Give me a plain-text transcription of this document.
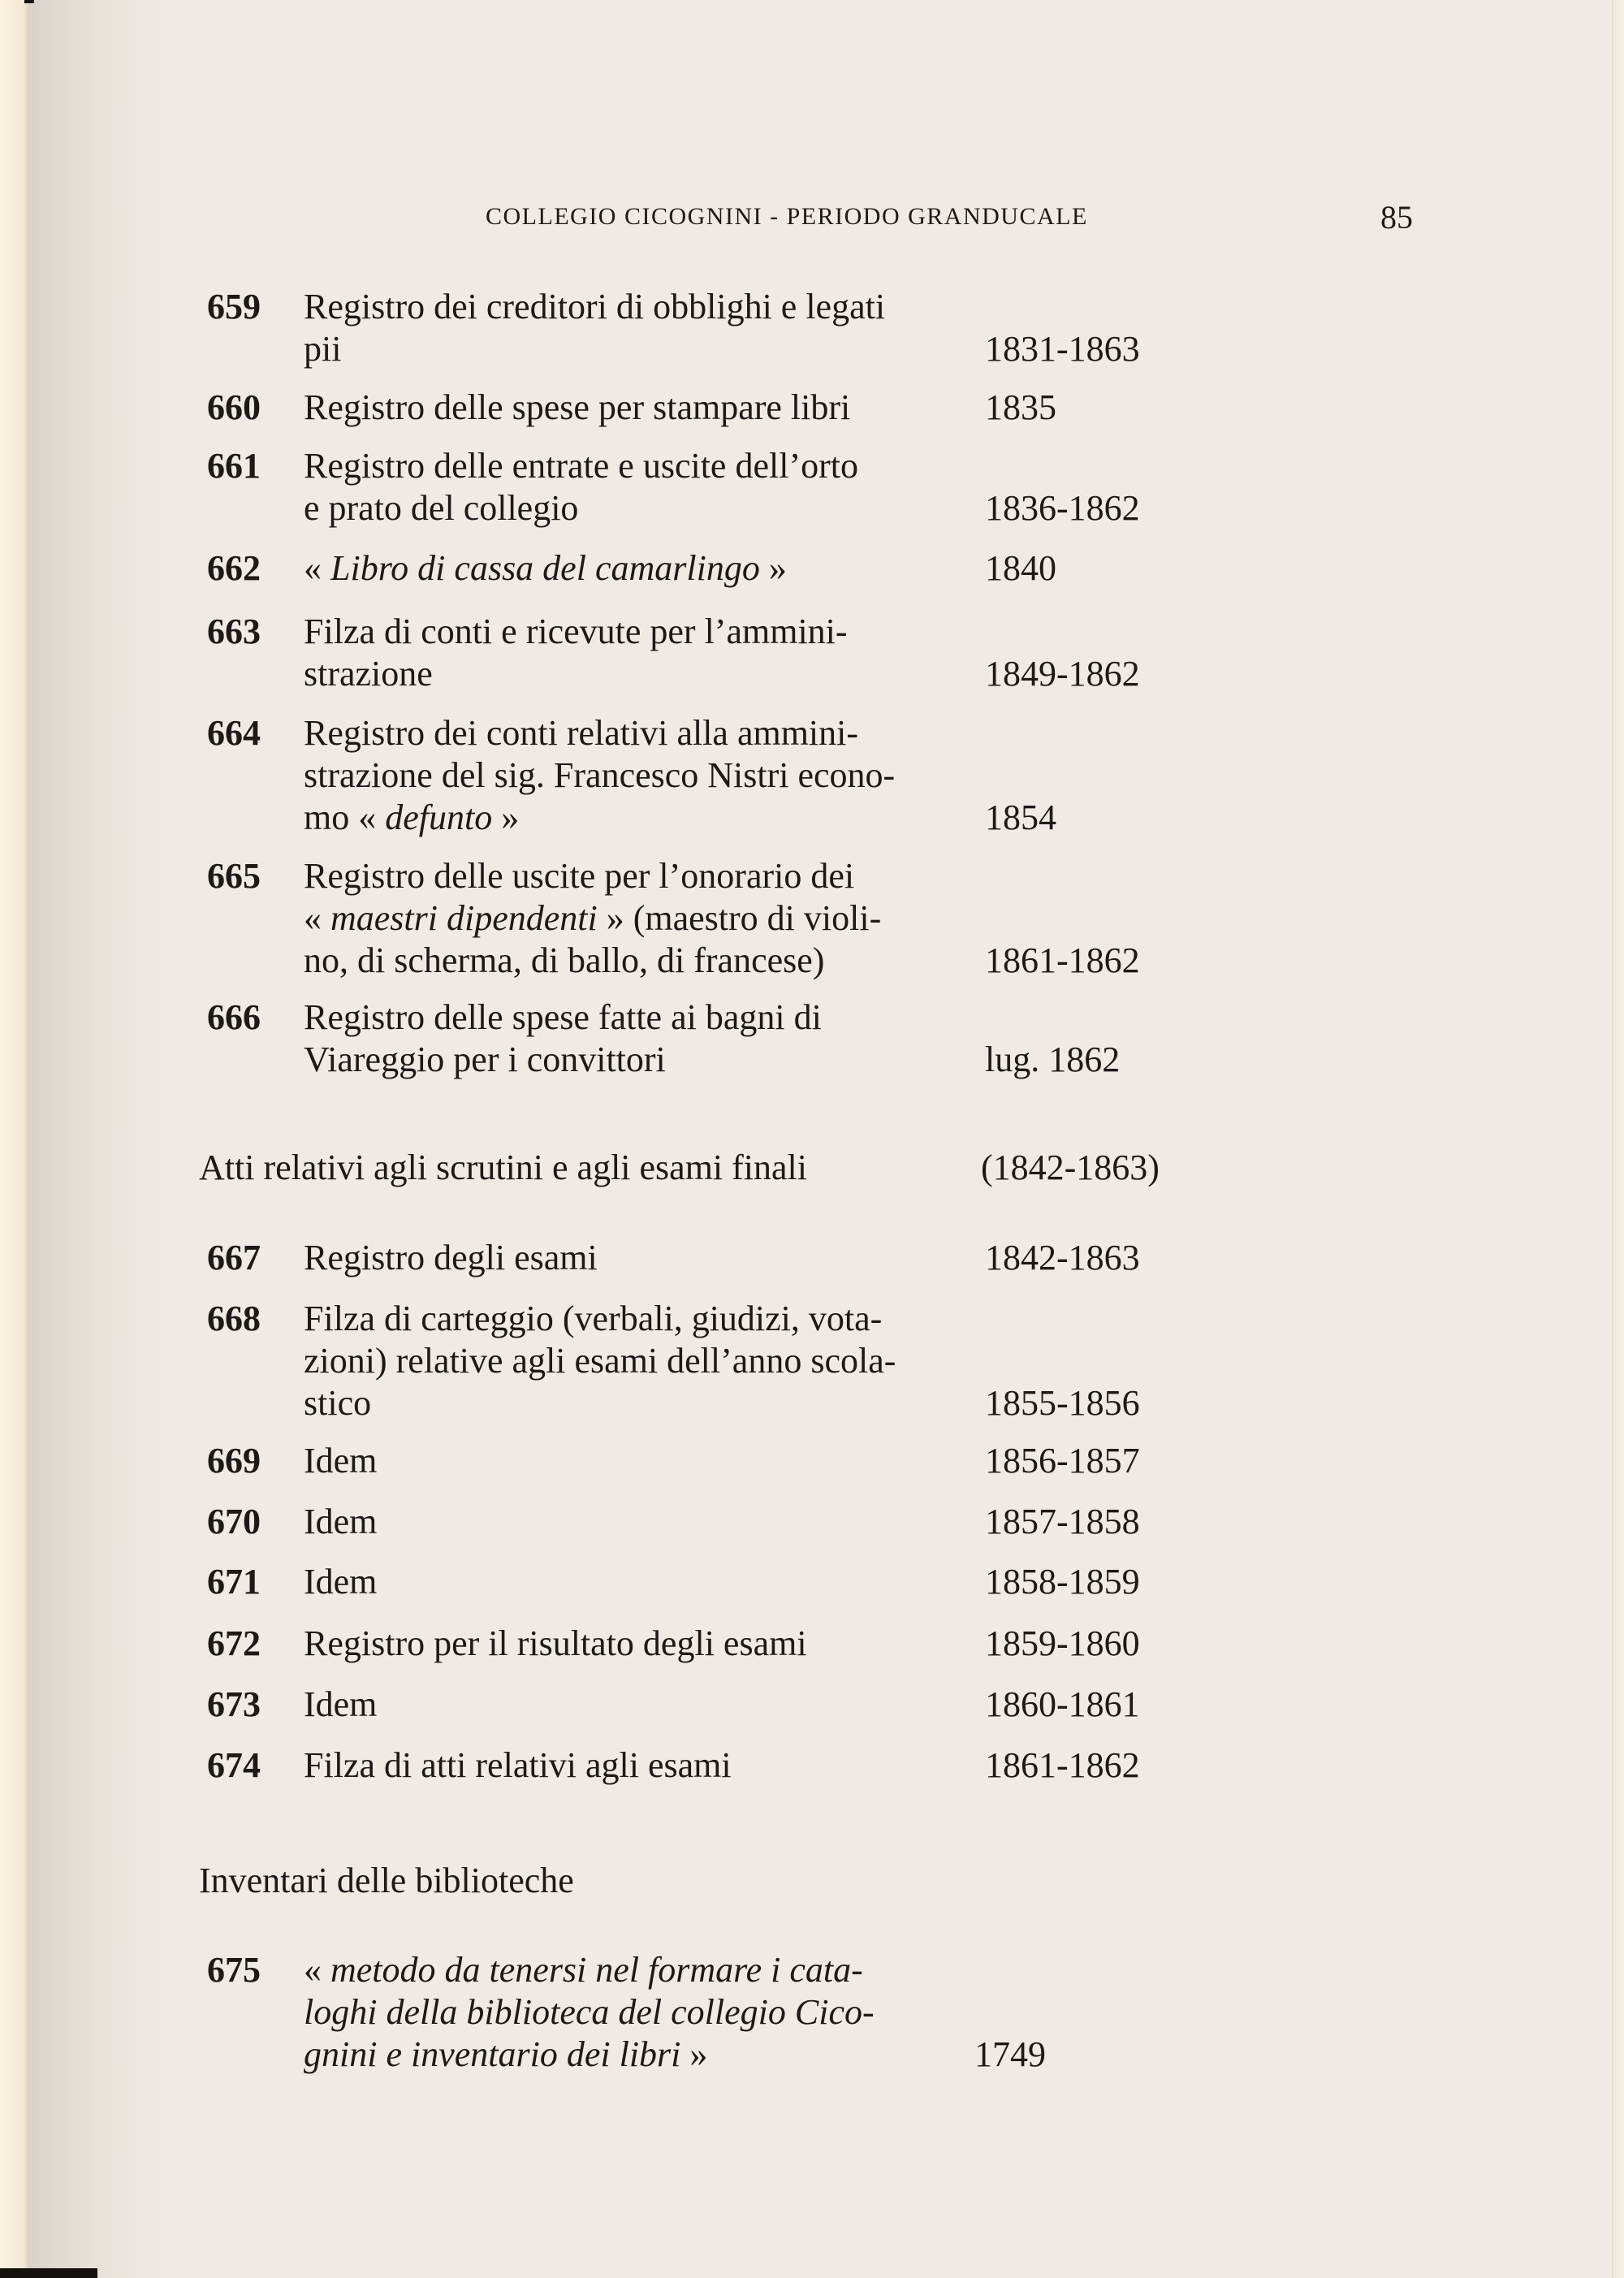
COLLEGIO CICOGNINI - PERIODO GRANDUCALE	85
659 Registro dei creditori di obblighi e legati
pii	1831-1863
660 Registro delle spese per stampare libri	1835
661 Registro delle entrate e uscite dell’orto
e prato del collegio	1836-1862
662 « Libro di cassa del camarlingo »	1840
663 Filza di conti e ricevute per l’ammini-
strazione	1849-1862
664 Registro dei conti relativi alla ammini-
strazione del sig. Francesco Nistri econo-
mo « defunto »	1854
665 Registro delle uscite per l’onorario dei
« maestri dipendenti » (maestro di violi-
no, di scherma, di ballo, di francese)	1861-1862
666 Registro delle spese fatte ai bagni di
Viareggio per i convittori	lug. 1862
Atti relativi agli scrutini e agli esami finali	(1842-1863)
667 Registro degli esami	1842-1863
668 Filza di carteggio (verbali, giudizi, vota-
zioni) relative agli esami dell’anno scola-
stico	1855-1856
669 Idem	1856-1857
670 Idem	1857-1858
671 Idem	1858-1859
672 Registro per il risultato degli esami	1859-1860
673 Idem	1860-1861
674 Filza di atti relativi agli esami	1861-1862
Inventari delle biblioteche
675 « metodo da tenersi nel formare i cata-
loghi della biblioteca del collegio Cico-
gnini e inventario dei libri »	1749
